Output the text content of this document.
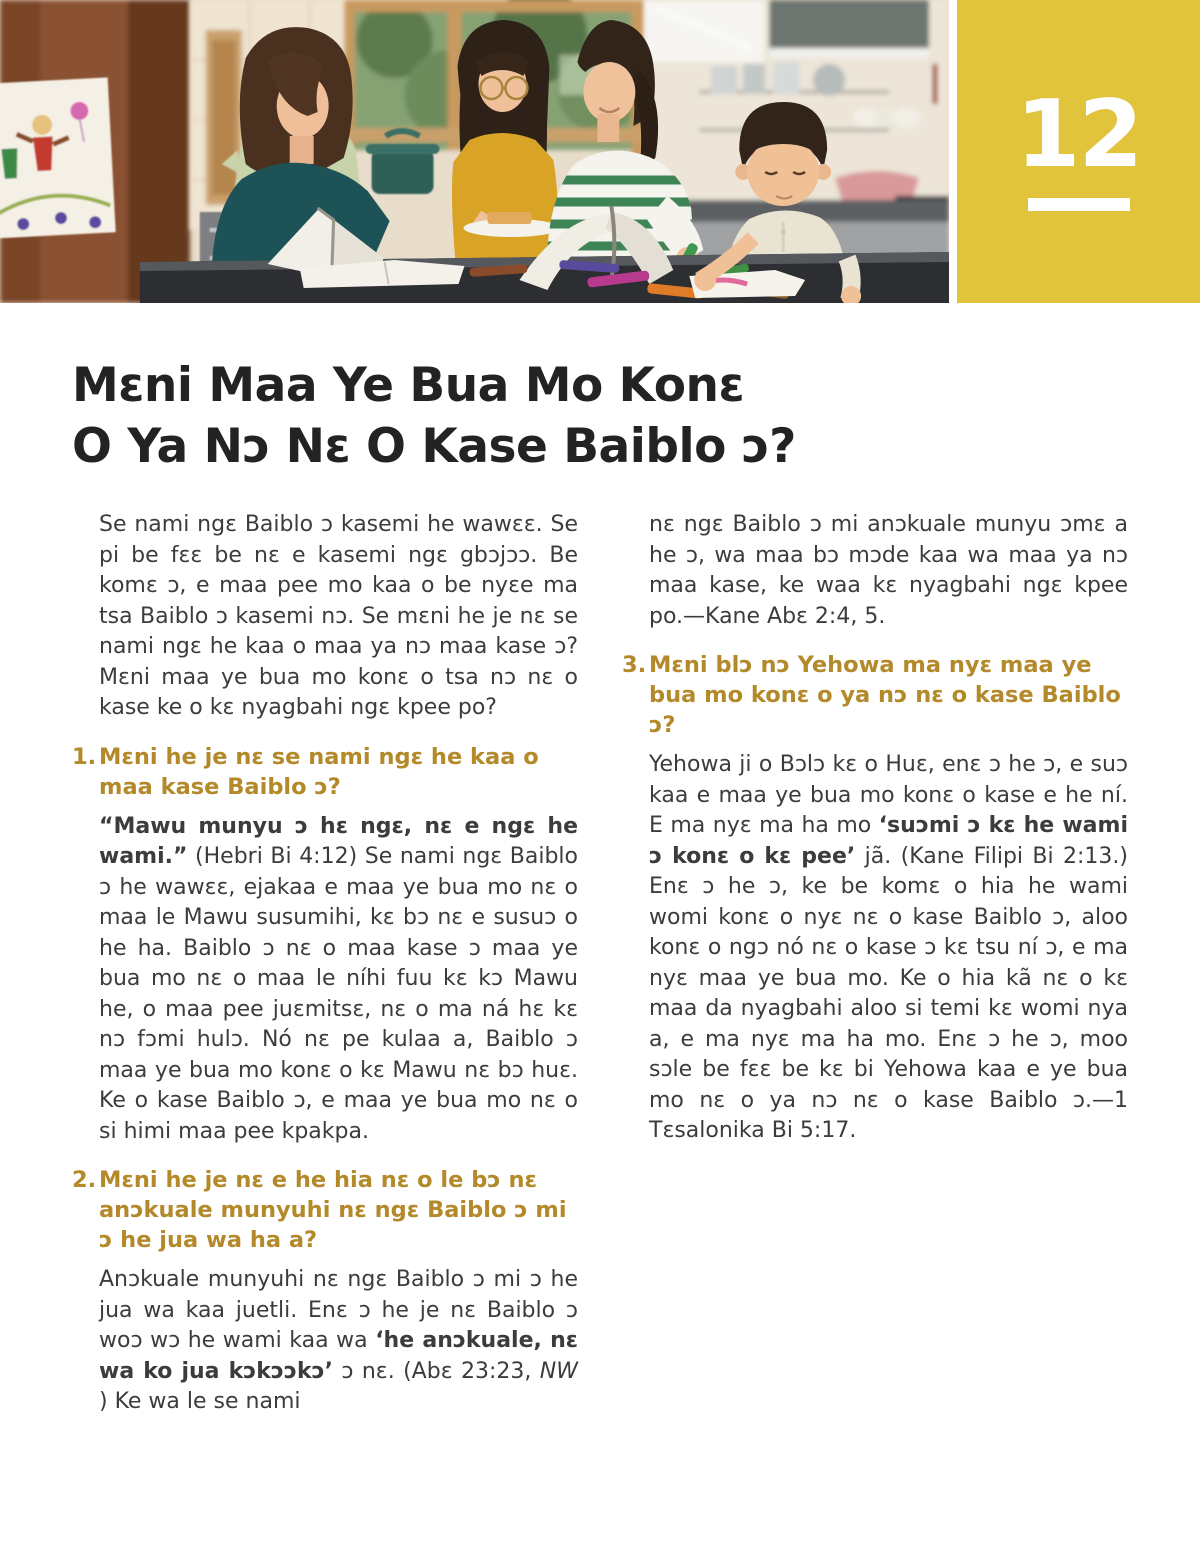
12
Mɛni Maa Ye Bua Mo Konɛ
O Ya Nɔ Nɛ O Kase Baiblo ɔ?

Se nami ngɛ Baiblo ɔ kasemi he wawɛɛ. Se pi be fɛɛ be nɛ e kasemi ngɛ gbɔjɔɔ. Be komɛ ɔ, e maa pee mo kaa o be nyɛe ma tsa Baiblo ɔ kasemi nɔ. Se mɛni he je nɛ se nami ngɛ he kaa o maa ya nɔ maa kase ɔ? Mɛni maa ye bua mo konɛ o tsa nɔ nɛ o kase ke o kɛ nyagbahi ngɛ kpee po?

1. Mɛni he je nɛ se nami ngɛ he kaa o maa kase Baiblo ɔ?

“Mawu munyu ɔ hɛ ngɛ, nɛ e ngɛ he wami.” (Hebri Bi 4:12) Se nami ngɛ Baiblo ɔ he wawɛɛ, ejakaa e maa ye bua mo nɛ o maa le Mawu susumihi, kɛ bɔ nɛ e susuɔ o he ha. Baiblo ɔ nɛ o maa kase ɔ maa ye bua mo nɛ o maa le níhi fuu kɛ kɔ Mawu he, o maa pee juɛmitsɛ, nɛ o ma ná hɛ kɛ nɔ fɔmi hulɔ. Nó nɛ pe kulaa a, Baiblo ɔ maa ye bua mo konɛ o kɛ Mawu nɛ bɔ huɛ. Ke o kase Baiblo ɔ, e maa ye bua mo nɛ o si himi maa pee kpakpa.

2. Mɛni he je nɛ e he hia nɛ o le bɔ nɛ anɔkuale munyuhi nɛ ngɛ Baiblo ɔ mi ɔ he jua wa ha a?

Anɔkuale munyuhi nɛ ngɛ Baiblo ɔ mi ɔ he jua wa kaa juetli. Enɛ ɔ he je nɛ Baiblo ɔ woɔ wɔ he wami kaa wa ‘he anɔkuale, nɛ wa ko jua kɔkɔɔkɔ’ ɔ nɛ. (Abɛ 23:23, NW ) Ke wa le se nami

nɛ ngɛ Baiblo ɔ mi anɔkuale munyu ɔmɛ a he ɔ, wa maa bɔ mɔde kaa wa maa ya nɔ maa kase, ke waa kɛ nyagbahi ngɛ kpee po.—Kane Abɛ 2:4, 5.

3. Mɛni blɔ nɔ Yehowa ma nyɛ maa ye bua mo konɛ o ya nɔ nɛ o kase Baiblo ɔ?

Yehowa ji o Bɔlɔ kɛ o Huɛ, enɛ ɔ he ɔ, e suɔ kaa e maa ye bua mo konɛ o kase e he ní. E ma nyɛ ma ha mo ‘suɔmi ɔ kɛ he wami ɔ konɛ o kɛ pee’ jã. (Kane Filipi Bi 2:13.) Enɛ ɔ he ɔ, ke be komɛ o hia he wami womi konɛ o nyɛ nɛ o kase Baiblo ɔ, aloo konɛ o ngɔ nó nɛ o kase ɔ kɛ tsu ní ɔ, e ma nyɛ maa ye bua mo. Ke o hia kã nɛ o kɛ maa da nyagbahi aloo si temi kɛ womi nya a, e ma nyɛ ma ha mo. Enɛ ɔ he ɔ, moo sɔle be fɛɛ be kɛ bi Yehowa kaa e ye bua mo nɛ o ya nɔ nɛ o kase Baiblo ɔ.—1 Tɛsalonika Bi 5:17.
